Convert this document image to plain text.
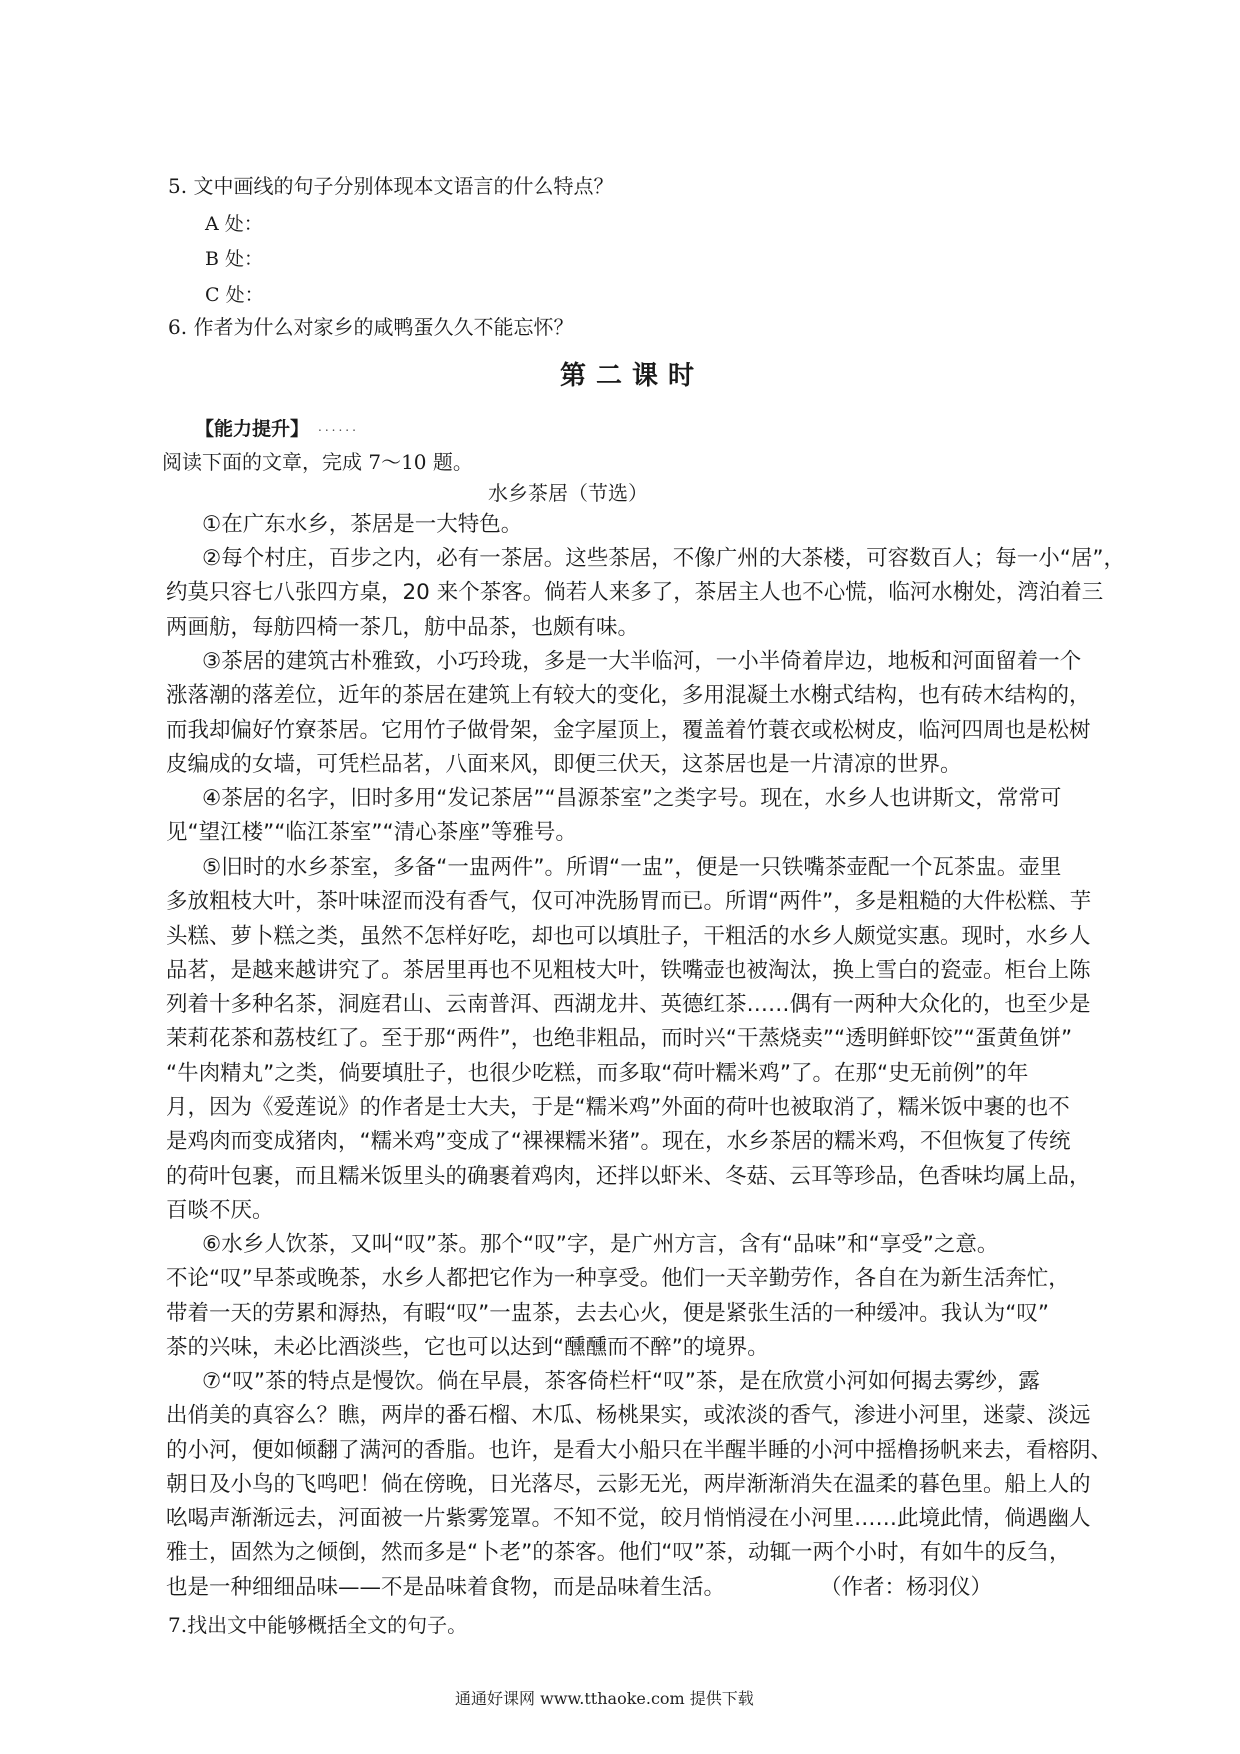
5. 文中画线的句子分别体现本文语言的什么特点？
A 处：
B 处：
C 处：
6. 作者为什么对家乡的咸鸭蛋久久不能忘怀？
第二课时
【能力提升】 ......
阅读下面的文章，完成 7～10 题。
水乡茶居（节选）
①在广东水乡，茶居是一大特色。
②每个村庄，百步之内，必有一茶居。这些茶居，不像广州的大茶楼，可容数百人；每一小“居”，
约莫只容七八张四方桌，20 来个茶客。倘若人来多了，茶居主人也不心慌，临河水榭处，湾泊着三
两画舫，每舫四椅一茶几，舫中品茶，也颇有味。
③茶居的建筑古朴雅致，小巧玲珑，多是一大半临河，一小半倚着岸边，地板和河面留着一个
涨落潮的落差位，近年的茶居在建筑上有较大的变化，多用混凝土水榭式结构，也有砖木结构的，
而我却偏好竹寮茶居。它用竹子做骨架，金字屋顶上，覆盖着竹蓑衣或松树皮，临河四周也是松树
皮编成的女墙，可凭栏品茗，八面来风，即便三伏天，这茶居也是一片清凉的世界。
④茶居的名字，旧时多用“发记茶居”“昌源茶室”之类字号。现在，水乡人也讲斯文，常常可
见“望江楼”“临江茶室”“清心茶座”等雅号。
⑤旧时的水乡茶室，多备“一盅两件”。所谓“一盅”，便是一只铁嘴茶壶配一个瓦茶盅。壶里
多放粗枝大叶，茶叶味涩而没有香气，仅可冲洗肠胃而已。所谓“两件”，多是粗糙的大件松糕、芋
头糕、萝卜糕之类，虽然不怎样好吃，却也可以填肚子，干粗活的水乡人颇觉实惠。现时，水乡人
品茗，是越来越讲究了。茶居里再也不见粗枝大叶，铁嘴壶也被淘汰，换上雪白的瓷壶。柜台上陈
列着十多种名茶，洞庭君山、云南普洱、西湖龙井、英德红茶……偶有一两种大众化的，也至少是
茉莉花茶和荔枝红了。至于那“两件”，也绝非粗品，而时兴“干蒸烧卖”“透明鲜虾饺”“蛋黄鱼饼”
“牛肉精丸”之类，倘要填肚子，也很少吃糕，而多取“荷叶糯米鸡”了。在那“史无前例”的年
月，因为《爱莲说》的作者是士大夫，于是“糯米鸡”外面的荷叶也被取消了，糯米饭中裹的也不
是鸡肉而变成猪肉，“糯米鸡”变成了“裸裸糯米猪”。现在，水乡茶居的糯米鸡，不但恢复了传统
的荷叶包裹，而且糯米饭里头的确裹着鸡肉，还拌以虾米、冬菇、云耳等珍品，色香味均属上品，
百啖不厌。
⑥水乡人饮茶，又叫“叹”茶。那个“叹”字，是广州方言，含有“品味”和“享受”之意。
不论“叹”早茶或晚茶，水乡人都把它作为一种享受。他们一天辛勤劳作，各自在为新生活奔忙，
带着一天的劳累和溽热，有暇“叹”一盅茶，去去心火，便是紧张生活的一种缓冲。我认为“叹”
茶的兴味，未必比酒淡些，它也可以达到“醺醺而不醉”的境界。
⑦“叹”茶的特点是慢饮。倘在早晨，茶客倚栏杆“叹”茶，是在欣赏小河如何揭去雾纱，露
出俏美的真容么？瞧，两岸的番石榴、木瓜、杨桃果实，或浓淡的香气，渗进小河里，迷蒙、淡远
的小河，便如倾翻了满河的香脂。也许，是看大小船只在半醒半睡的小河中摇橹扬帆来去，看榕阴、
朝日及小鸟的飞鸣吧！倘在傍晚，日光落尽，云影无光，两岸渐渐消失在温柔的暮色里。船上人的
吆喝声渐渐远去，河面被一片紫雾笼罩。不知不觉，皎月悄悄浸在小河里……此境此情，倘遇幽人
雅士，固然为之倾倒，然而多是“卜老”的茶客。他们“叹”茶，动辄一两个小时，有如牛的反刍，
也是一种细细品味——不是品味着食物，而是品味着生活。	（作者：杨羽仪）
7.找出文中能够概括全文的句子。
通通好课网 www.tthaoke.com 提供下载
